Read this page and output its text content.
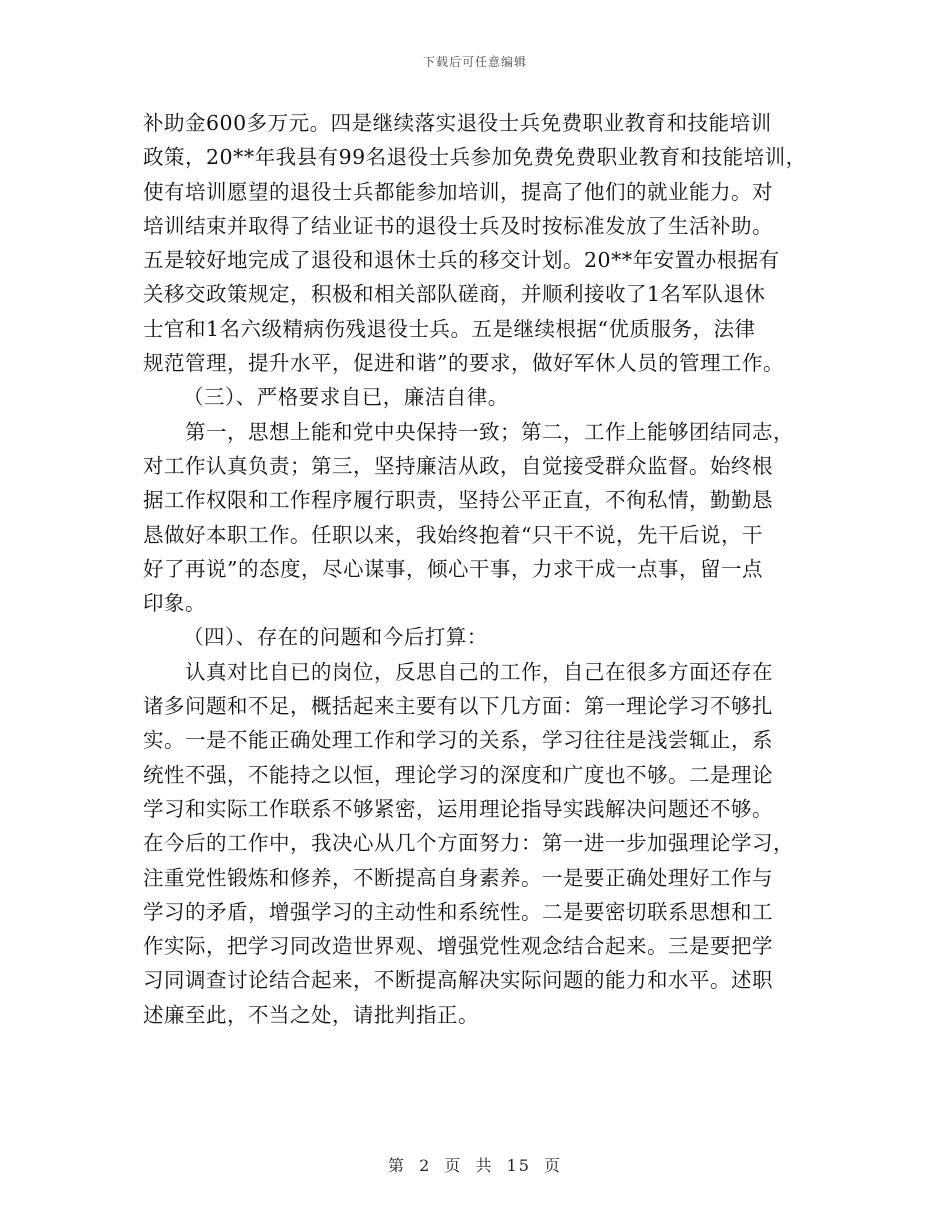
下载后可任意编辑
补助金600多万元。四是继续落实退役士兵免费职业教育和技能培训
政策，20**年我县有99名退役士兵参加免费免费职业教育和技能培训，
使有培训愿望的退役士兵都能参加培训，提高了他们的就业能力。对
培训结束并取得了结业证书的退役士兵及时按标准发放了生活补助。
五是较好地完成了退役和退休士兵的移交计划。20**年安置办根据有
关移交政策规定，积极和相关部队磋商，并顺利接收了1名军队退休
士官和1名六级精病伤残退役士兵。五是继续根据“优质服务，法律
规范管理，提升水平，促进和谐”的要求，做好军休人员的管理工作。
（三）、严格要求自已，廉洁自律。
第一，思想上能和党中央保持一致；第二，工作上能够团结同志，
对工作认真负责；第三，坚持廉洁从政，自觉接受群众监督。始终根
据工作权限和工作程序履行职责，坚持公平正直，不徇私情，勤勤恳
恳做好本职工作。任职以来，我始终抱着“只干不说，先干后说，干
好了再说”的态度，尽心谋事，倾心干事，力求干成一点事，留一点
印象。
（四）、存在的问题和今后打算：
认真对比自已的岗位，反思自己的工作，自己在很多方面还存在
诸多问题和不足，概括起来主要有以下几方面：第一理论学习不够扎
实。一是不能正确处理工作和学习的关系，学习往往是浅尝辄止，系
统性不强，不能持之以恒，理论学习的深度和广度也不够。二是理论
学习和实际工作联系不够紧密，运用理论指导实践解决问题还不够。
在今后的工作中，我决心从几个方面努力：第一进一步加强理论学习，
注重党性锻炼和修养，不断提高自身素养。一是要正确处理好工作与
学习的矛盾，增强学习的主动性和系统性。二是要密切联系思想和工
作实际，把学习同改造世界观、增强党性观念结合起来。三是要把学
习同调查讨论结合起来，不断提高解决实际问题的能力和水平。述职
述廉至此，不当之处，请批判指正。
第 2 页 共 15 页
